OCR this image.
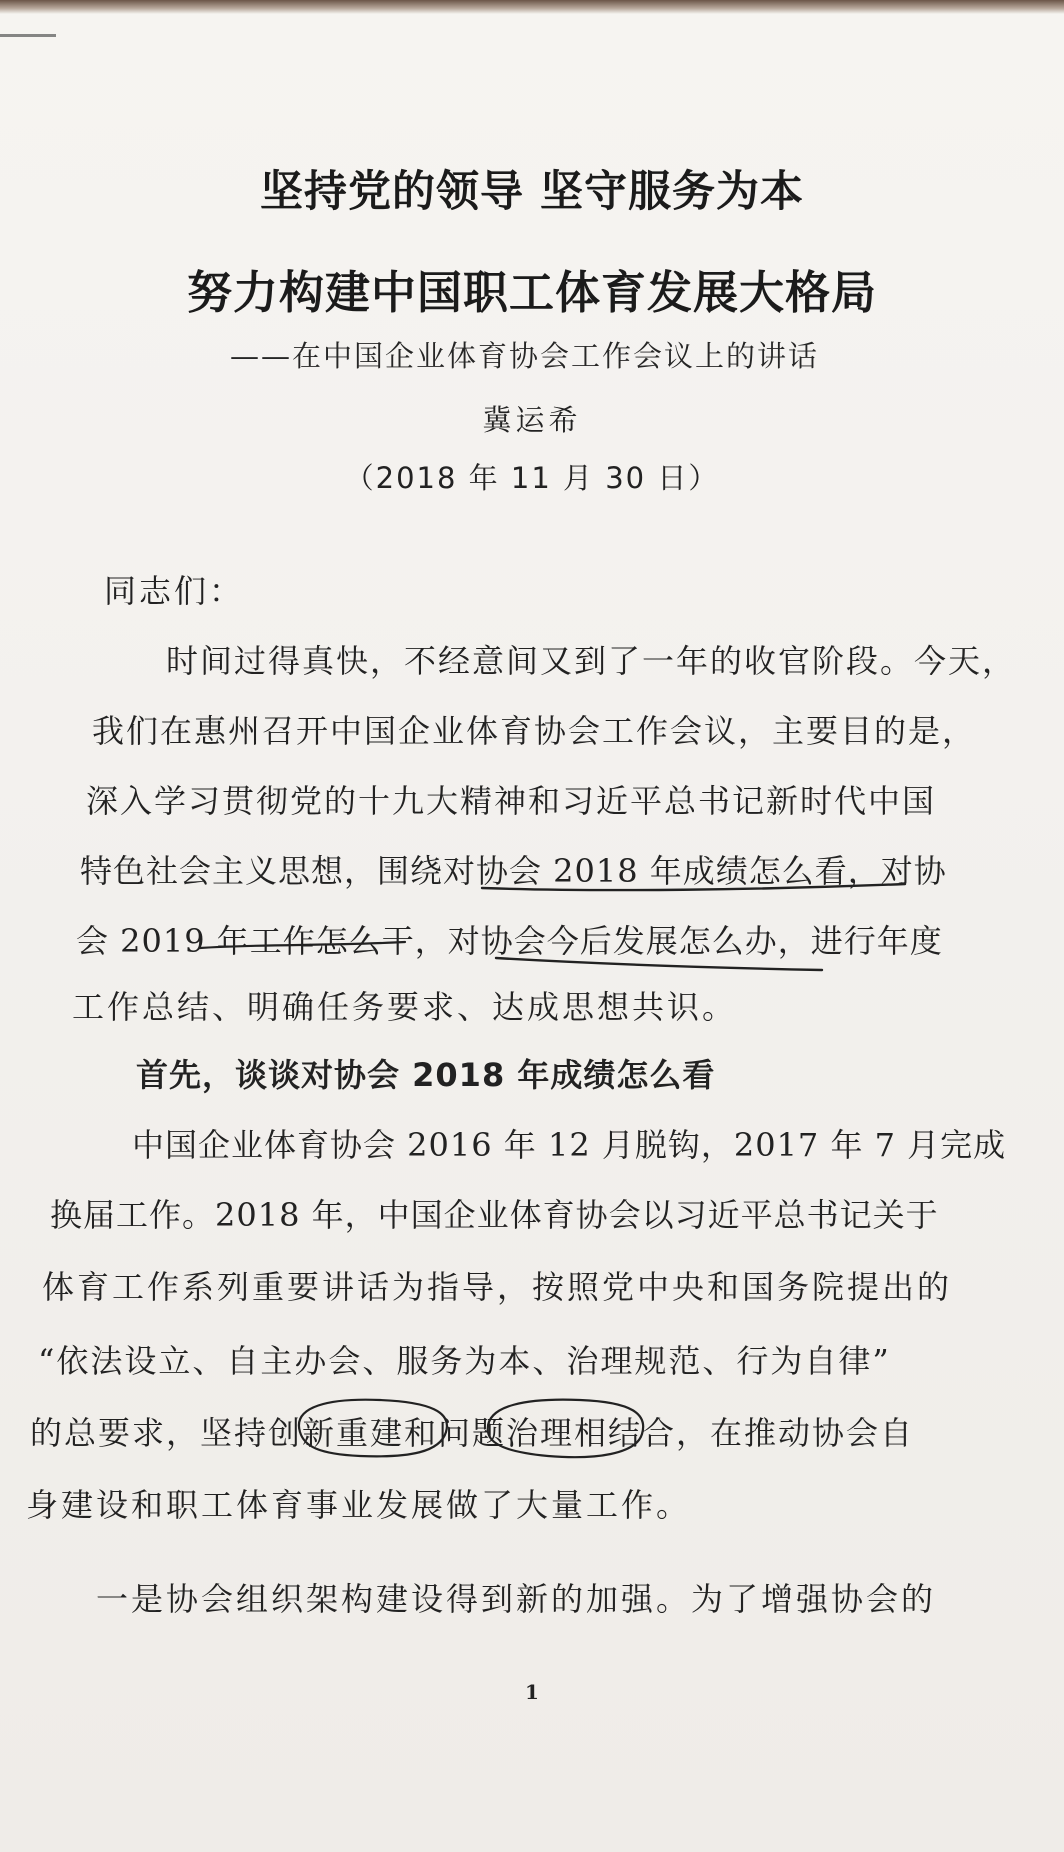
坚持党的领导 坚守服务为本
努力构建中国职工体育发展大格局
——在中国企业体育协会工作会议上的讲话
冀运希
（2018 年 11 月 30 日）
同志们：
时间过得真快，不经意间又到了一年的收官阶段。今天，
我们在惠州召开中国企业体育协会工作会议，主要目的是，
深入学习贯彻党的十九大精神和习近平总书记新时代中国
特色社会主义思想，围绕对协会 2018 年成绩怎么看，对协
会 2019 年工作怎么干，对协会今后发展怎么办，进行年度
工作总结、明确任务要求、达成思想共识。
首先，谈谈对协会 2018 年成绩怎么看
中国企业体育协会 2016 年 12 月脱钩，2017 年 7 月完成
换届工作。2018 年，中国企业体育协会以习近平总书记关于
体育工作系列重要讲话为指导，按照党中央和国务院提出的
“依法设立、自主办会、服务为本、治理规范、行为自律”
的总要求，坚持创新重建和问题治理相结合，在推动协会自
身建设和职工体育事业发展做了大量工作。
一是协会组织架构建设得到新的加强。为了增强协会的
1
